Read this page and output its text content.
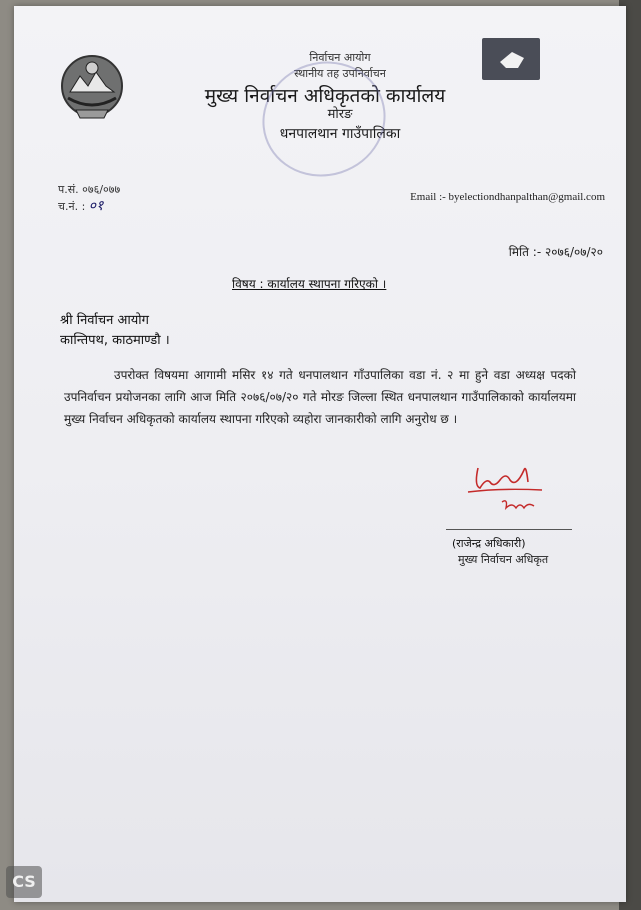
निर्वाचन आयोग
स्थानीय तह उपनिर्वाचन
मुख्य निर्वाचन अधिकृतको कार्यालय
मोरङ
धनपालथान गाउँपालिका
प.सं. ०७६/०७७
च.नं. : ०१
Email :- byelectiondhanpalthan@gmail.com
मिति :- २०७६/०७/२०
विषय : कार्यालय स्थापना गरिएको ।
श्री निर्वाचन आयोग
कान्तिपथ, काठमाण्डौ ।
उपरोक्त विषयमा आगामी मसिर १४ गते धनपालथान गाँउपालिका वडा नं. २ मा हुने वडा अध्यक्ष पदको उपनिर्वाचन प्रयोजनका लागि आज मिति २०७६/०७/२० गते मोरङ जिल्ला स्थित धनपालथान गाउँपालिकाको कार्यालयमा मुख्य निर्वाचन अधिकृतको कार्यालय स्थापना गरिएको व्यहोरा जानकारीको लागि अनुरोध छ ।
(राजेन्द्र अधिकारी)
मुख्य निर्वाचन अधिकृत
CS
